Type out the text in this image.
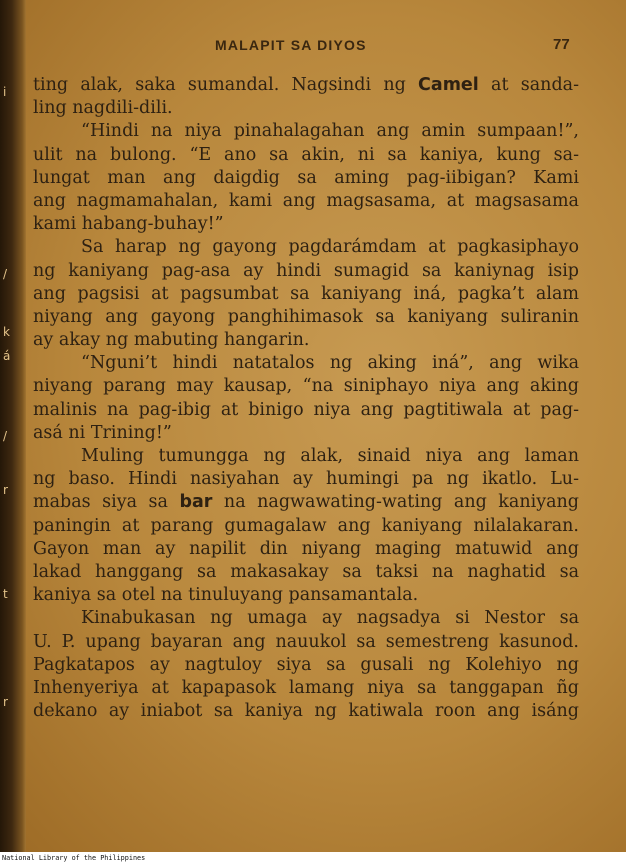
i
/
k
á
/
r
t
r
MALAPIT SA DIYOS	77
ting alak, saka sumandal. Nagsindi ng Camel at sanda-
ling nagdili-dili.
“Hindi na niya pinahalagahan ang amin sumpaan!”,
ulit na bulong. “E ano sa akin, ni sa kaniya, kung sa-
lungat man ang daigdig sa aming pag-iibigan? Kami
ang nagmamahalan, kami ang magsasama, at magsasama
kami habang-buhay!”
Sa harap ng gayong pagdarámdam at pagkasiphayo
ng kaniyang pag-asa ay hindi sumagid sa kaniynag isip
ang pagsisi at pagsumbat sa kaniyang iná, pagka’t alam
niyang ang gayong panghihimasok sa kaniyang suliranin
ay akay ng mabuting hangarin.
“Nguni’t hindi natatalos ng aking iná”, ang wika
niyang parang may kausap, “na siniphayo niya ang aking
malinis na pag-ibig at binigo niya ang pagtitiwala at pag-
asá ni Trining!”
Muling tumungga ng alak, sinaid niya ang laman
ng baso. Hindi nasiyahan ay humingi pa ng ikatlo. Lu-
mabas siya sa bar na nagwawating-wating ang kaniyang
paningin at parang gumagalaw ang kaniyang nilalakaran.
Gayon man ay napilit din niyang maging matuwid ang
lakad hanggang sa makasakay sa taksi na naghatid sa
kaniya sa otel na tinuluyang pansamantala.
Kinabukasan ng umaga ay nagsadya si Nestor sa
U. P. upang bayaran ang nauukol sa semestreng kasunod.
Pagkatapos ay nagtuloy siya sa gusali ng Kolehiyo ng
Inhenyeriya at kapapasok lamang niya sa tanggapan ñg
dekano ay iniabot sa kaniya ng katiwala roon ang isáng
National Library of the Philippines
